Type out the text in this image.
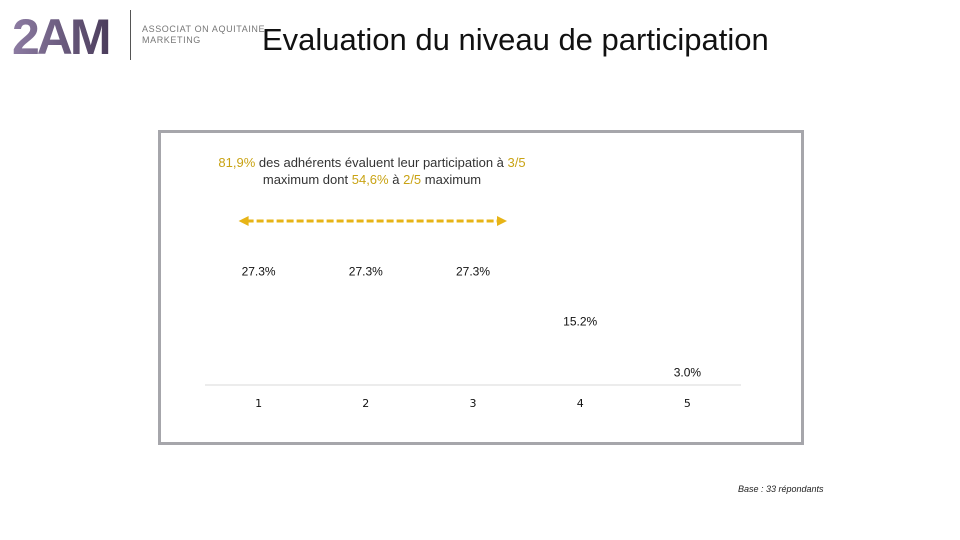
2AM	ASSOCIAT ON AQUITAINE
MARKETING Evaluation du niveau de participation
27.3%
1
27.3%
2
27.3%
3
15.2%
4
3.0%
5
81,9% des adhérents évaluent leur participation à 3/5
maximum dont 54,6% à 2/5 maximum
Base : 33 répondants
